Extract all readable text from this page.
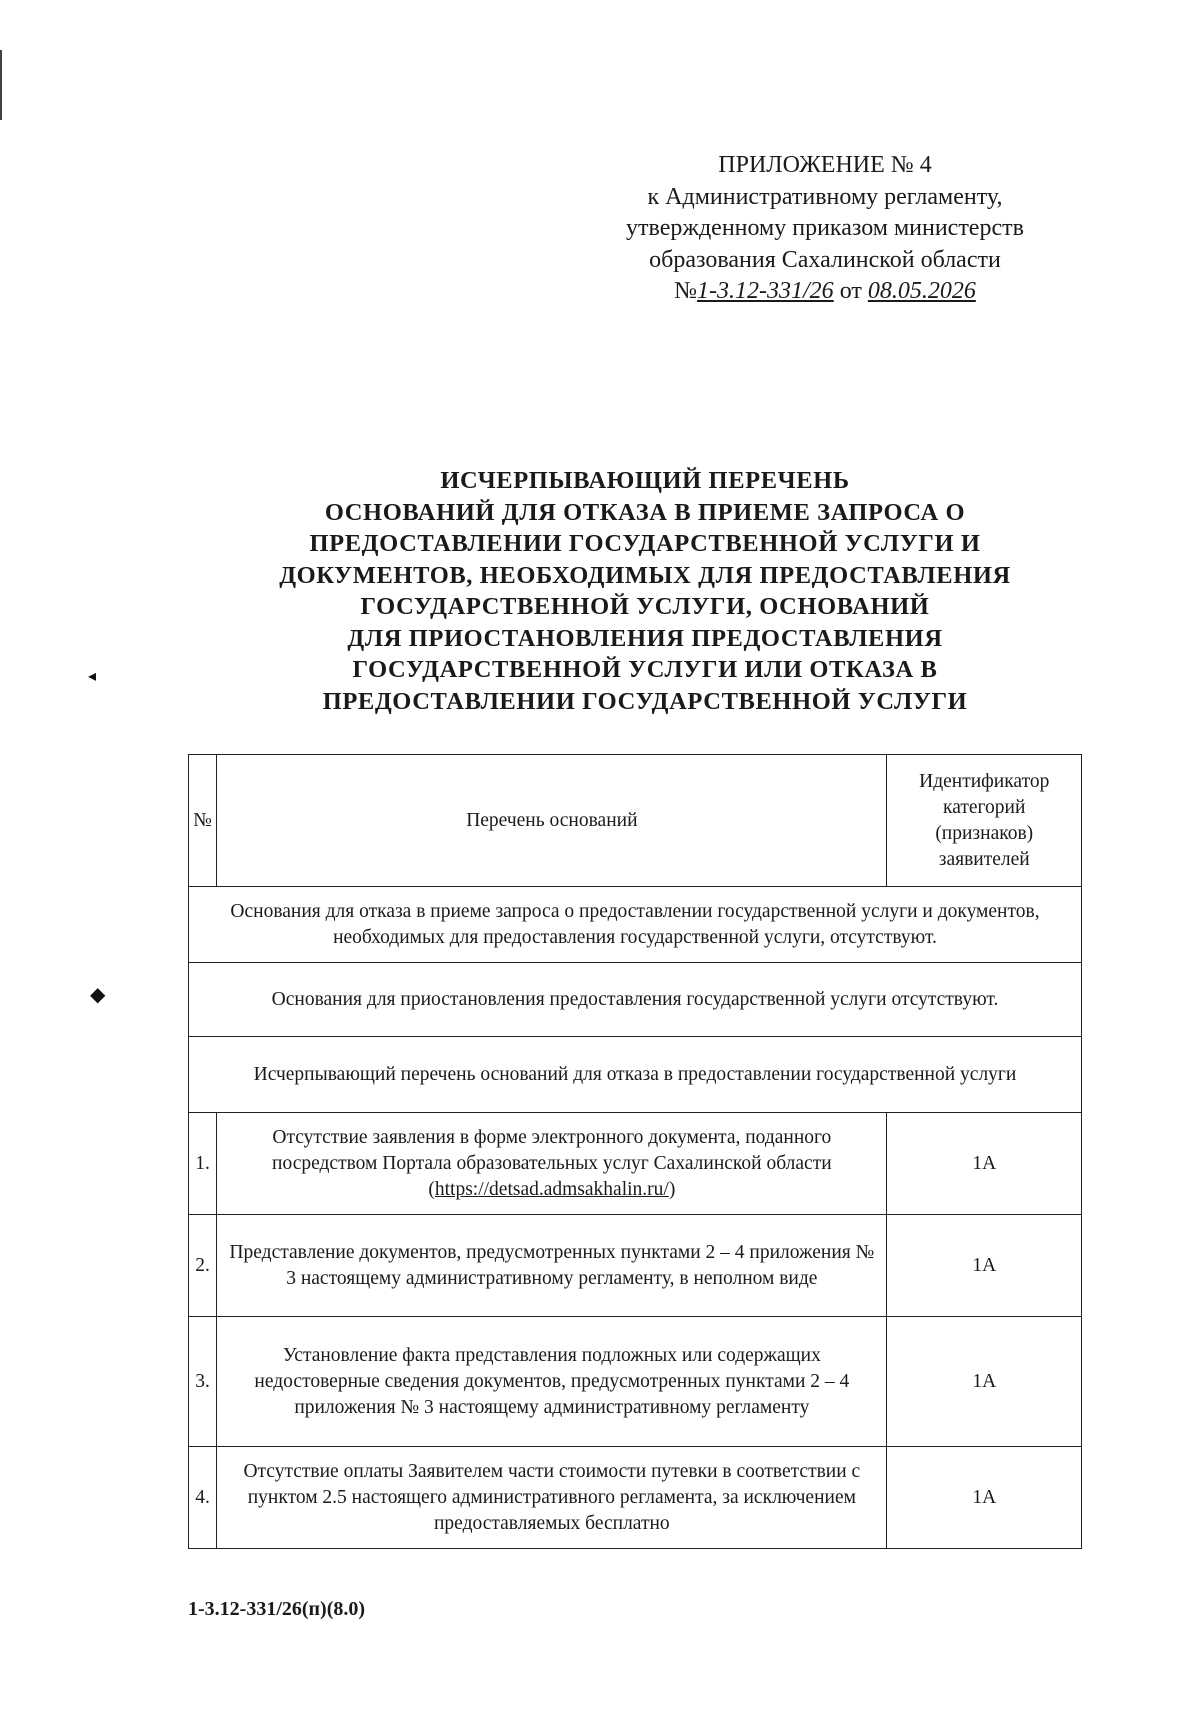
◂
◆
ПРИЛОЖЕНИЕ № 4
к Административному регламенту,
утвержденному приказом министерств
образования Сахалинской области
№1-3.12-331/26 от 08.05.2026
ИСЧЕРПЫВАЮЩИЙ ПЕРЕЧЕНЬ
ОСНОВАНИЙ ДЛЯ ОТКАЗА В ПРИЕМЕ ЗАПРОСА О
ПРЕДОСТАВЛЕНИИ ГОСУДАРСТВЕННОЙ УСЛУГИ И
ДОКУМЕНТОВ, НЕОБХОДИМЫХ ДЛЯ ПРЕДОСТАВЛЕНИЯ
ГОСУДАРСТВЕННОЙ УСЛУГИ, ОСНОВАНИЙ
ДЛЯ ПРИОСТАНОВЛЕНИЯ ПРЕДОСТАВЛЕНИЯ
ГОСУДАРСТВЕННОЙ УСЛУГИ ИЛИ ОТКАЗА В
ПРЕДОСТАВЛЕНИИ ГОСУДАРСТВЕННОЙ УСЛУГИ
№	Перечень оснований	Идентификатор категорий (признаков) заявителей
Основания для отказа в приеме запроса о предоставлении государственной услуги и документов, необходимых для предоставления государственной услуги, отсутствуют.		
Основания для приостановления предоставления государственной услуги отсутствуют.		
Исчерпывающий перечень оснований для отказа в предоставлении государственной услуги		
1.	Отсутствие заявления в форме электронного документа, поданного посредством Портала образовательных услуг Сахалинской области (https://detsad.admsakhalin.ru/)	1А
2.	Представление документов, предусмотренных пунктами 2 – 4 приложения № 3 настоящему административному регламенту, в неполном виде	1А
3.	Установление факта представления подложных или содержащих недостоверные сведения документов, предусмотренных пунктами 2 – 4 приложения № 3 настоящему административному регламенту	1А
4.	Отсутствие оплаты Заявителем части стоимости путевки в соответствии с пунктом 2.5 настоящего административного регламента, за исключением предоставляемых бесплатно	1А
1-3.12-331/26(п)(8.0)
